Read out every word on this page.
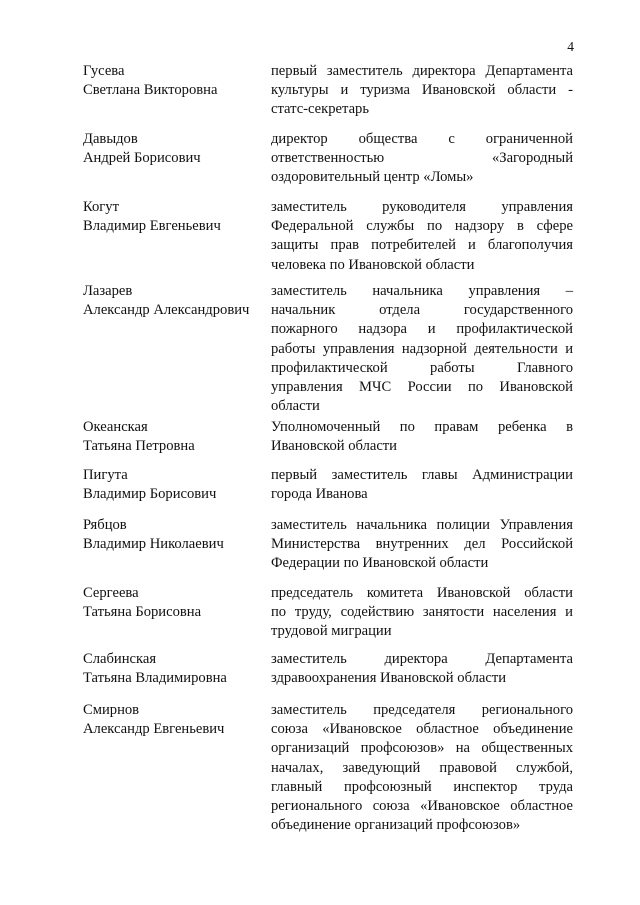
4
Гусева
Светлана Викторовна
первый заместитель директора Департамента
культуры и туризма Ивановской области -
статс-секретарь
Давыдов
Андрей Борисович
директор общества с ограниченной
ответственностью «Загородный
оздоровительный центр «Ломы»
Когут
Владимир Евгеньевич
заместитель руководителя управления
Федеральной службы по надзору в сфере
защиты прав потребителей и благополучия
человека по Ивановской области
Лазарев
Александр Александрович
заместитель начальника управления –
начальник отдела государственного
пожарного надзора и профилактической
работы управления надзорной деятельности и
профилактической работы Главного
управления МЧС России по Ивановской
области
Океанская
Татьяна Петровна
Уполномоченный по правам ребенка в
Ивановской области
Пигута
Владимир Борисович
первый заместитель главы Администрации
города Иванова
Рябцов
Владимир Николаевич
заместитель начальника полиции Управления
Министерства внутренних дел Российской
Федерации по Ивановской области
Сергеева
Татьяна Борисовна
председатель комитета Ивановской области
по труду, содействию занятости населения и
трудовой миграции
Слабинская
Татьяна Владимировна
заместитель директора Департамента
здравоохранения Ивановской области
Смирнов
Александр Евгеньевич
заместитель председателя регионального
союза «Ивановское областное объединение
организаций профсоюзов» на общественных
началах, заведующий правовой службой,
главный профсоюзный инспектор труда
регионального союза «Ивановское областное
объединение организаций профсоюзов»
